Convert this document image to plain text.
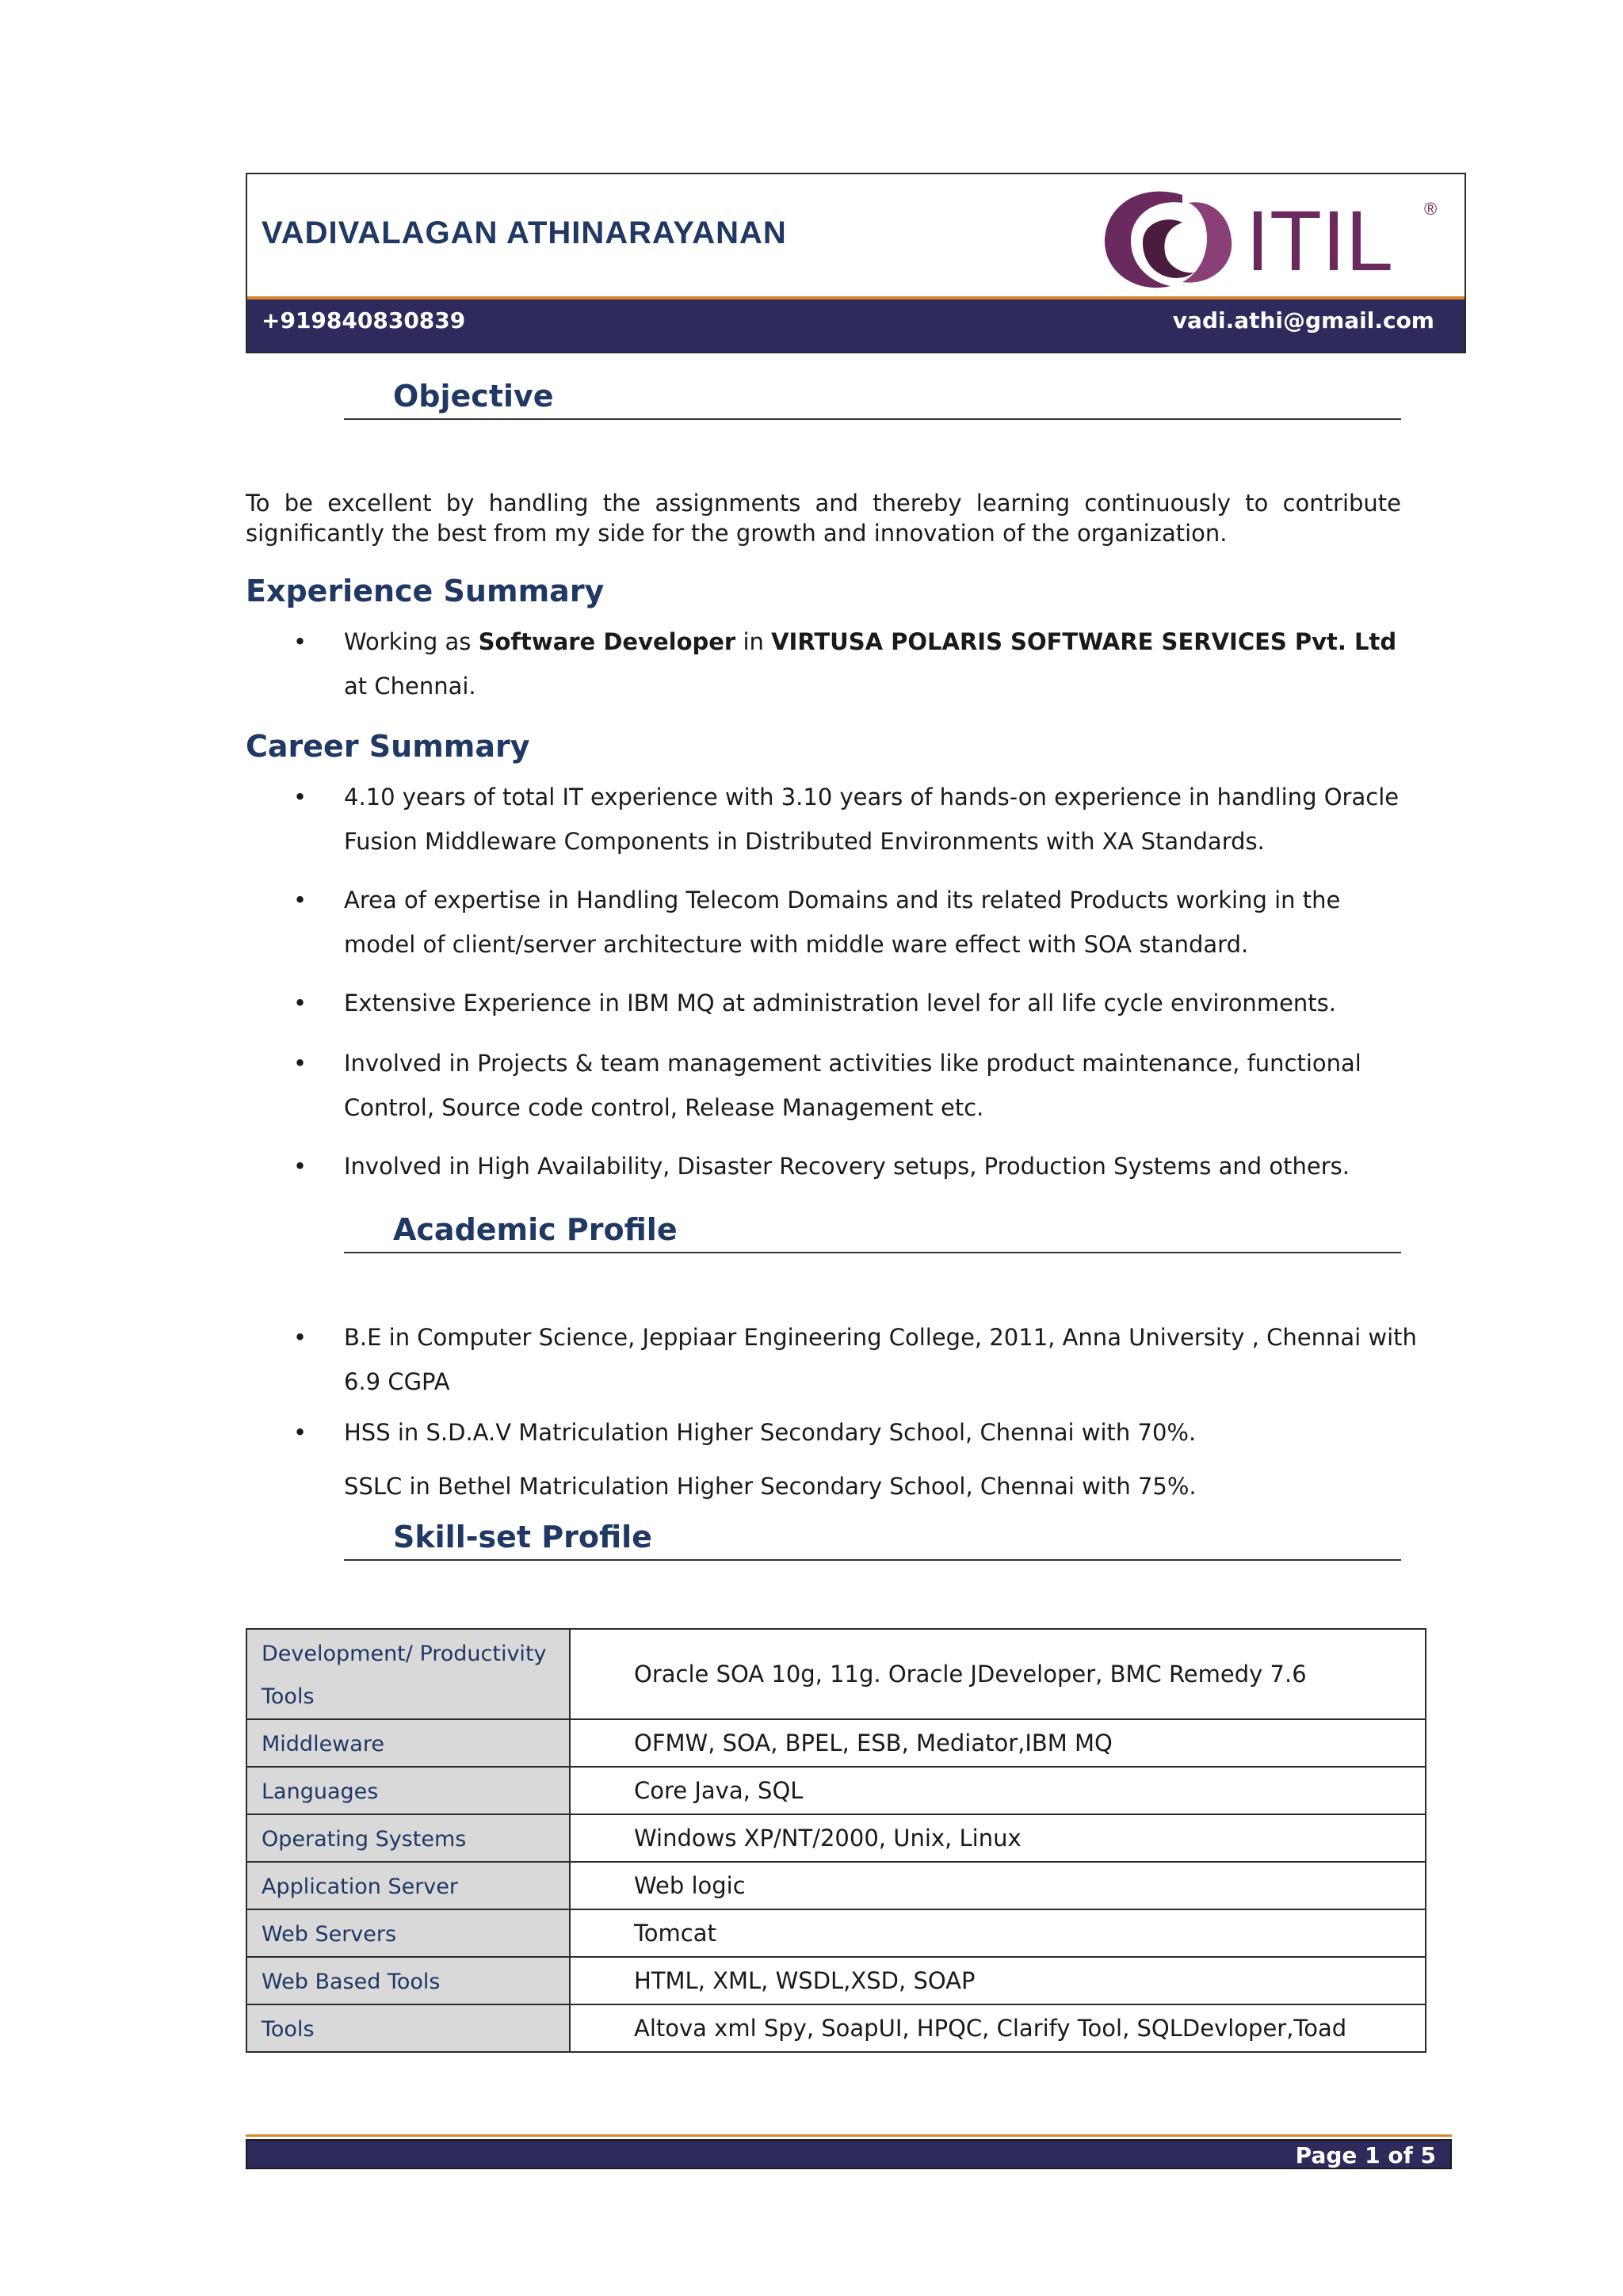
VADIVALAGAN ATHINARAYANAN	ITIL ®
+919840830839	vadi.athi@gmail.com
Objective
To be excellent by handling the assignments and thereby learning continuously to contribute significantly the best from my side for the growth and innovation of the organization.
Experience Summary
• Working as Software Developer in VIRTUSA POLARIS SOFTWARE SERVICES Pvt. Ltd at Chennai.
Career Summary
• 4.10 years of total IT experience with 3.10 years of hands-on experience in handling Oracle Fusion Middleware Components in Distributed Environments with XA Standards.
• Area of expertise in Handling Telecom Domains and its related Products working in the model of client/server architecture with middle ware effect with SOA standard.
• Extensive Experience in IBM MQ at administration level for all life cycle environments.
• Involved in Projects & team management activities like product maintenance, functional Control, Source code control, Release Management etc.
• Involved in High Availability, Disaster Recovery setups, Production Systems and others.
Academic Profile
• B.E in Computer Science, Jeppiaar Engineering College, 2011, Anna University , Chennai with 6.9 CGPA
• HSS in S.D.A.V Matriculation Higher Secondary School, Chennai with 70%.
SSLC in Bethel Matriculation Higher Secondary School, Chennai with 75%.
Skill-set Profile
Development/ Productivity Tools	Oracle SOA 10g, 11g. Oracle JDeveloper, BMC Remedy 7.6
Middleware	OFMW, SOA, BPEL, ESB, Mediator,IBM MQ
Languages	Core Java, SQL
Operating Systems	Windows XP/NT/2000, Unix, Linux
Application Server	Web logic
Web Servers	Tomcat
Web Based Tools	HTML, XML, WSDL,XSD, SOAP
Tools	Altova xml Spy, SoapUI, HPQC, Clarify Tool, SQLDevloper,Toad
Page 1 of 5
